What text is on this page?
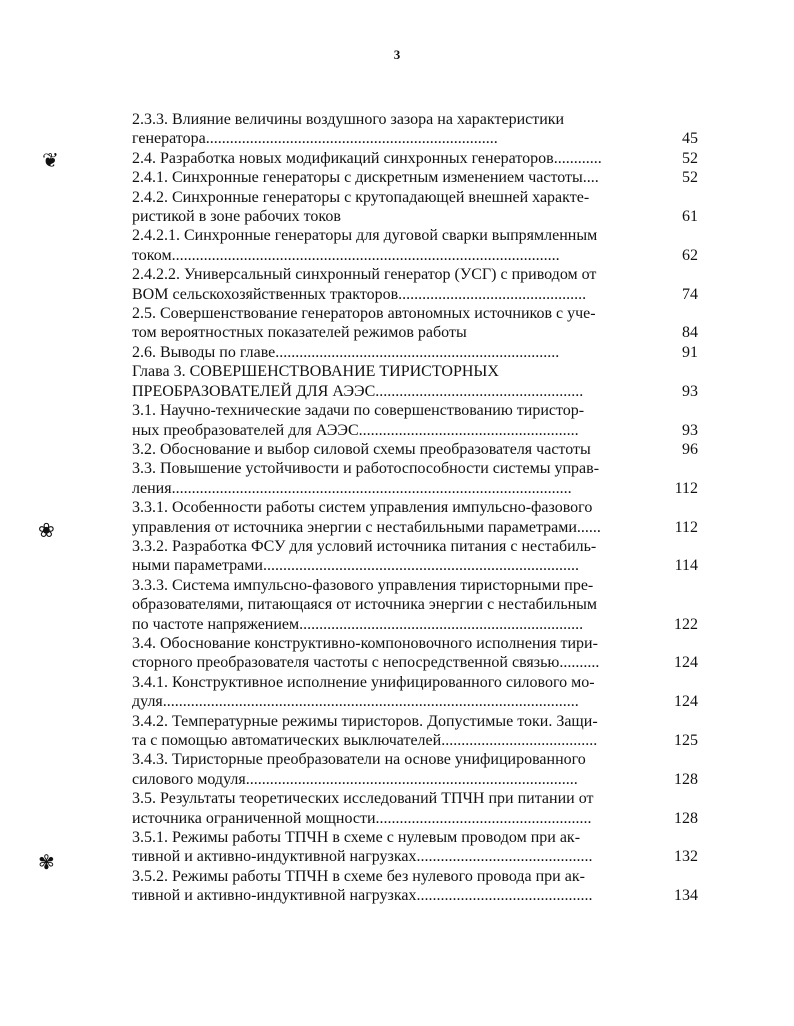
3
❦
❀
✾
2.3.3. Влияние величины воздушного зазора на характеристики
генератора.........................................................................	45
2.4. Разработка новых модификаций синхронных генераторов............	52
2.4.1. Синхронные генераторы с дискретным изменением частоты....	52
2.4.2. Синхронные генераторы с крутопадающей внешней характе-
ристикой в зоне рабочих токов	61
2.4.2.1. Синхронные генераторы для дуговой сварки выпрямленным
током.................................................................................................	62
2.4.2.2. Универсальный синхронный генератор (УСГ) с приводом от
ВОМ сельскохозяйственных тракторов...............................................	74
2.5. Совершенствование генераторов автономных источников с уче-
том вероятностных показателей режимов работы	84
2.6. Выводы по главе.......................................................................	91
Глава 3. СОВЕРШЕНСТВОВАНИЕ ТИРИСТОРНЫХ
ПРЕОБРАЗОВАТЕЛЕЙ ДЛЯ АЭЭС....................................................	93
3.1. Научно-технические задачи по совершенствованию тиристор-
ных преобразователей для АЭЭС.......................................................	93
3.2. Обоснование и выбор силовой схемы преобразователя частоты	96
3.3. Повышение устойчивости и работоспособности системы управ-
ления....................................................................................................	112
3.3.1. Особенности работы систем управления импульсно-фазового
управления от источника энергии с нестабильными параметрами......	112
3.3.2. Разработка ФСУ для условий источника питания с нестабиль-
ными параметрами...............................................................................	114
3.3.3. Система импульсно-фазового управления тиристорными пре-
образователями, питающаяся от источника энергии с нестабильным
по частоте напряжением.......................................................................	122
3.4. Обоснование конструктивно-компоновочного исполнения тири-
сторного преобразователя частоты с непосредственной связью..........	124
3.4.1. Конструктивное исполнение унифицированного силового мо-
дуля........................................................................................................	124
3.4.2. Температурные режимы тиристоров. Допустимые токи. Защи-
та с помощью автоматических выключателей.......................................	125
3.4.3. Тиристорные преобразователи на основе унифицированного
силового модуля...................................................................................	128
3.5. Результаты теоретических исследований ТПЧН при питании от
источника ограниченной мощности......................................................	128
3.5.1. Режимы работы ТПЧН в схеме с нулевым проводом при ак-
тивной и активно-индуктивной нагрузках............................................	132
3.5.2. Режимы работы ТПЧН в схеме без нулевого провода при ак-
тивной и активно-индуктивной нагрузках............................................	134
